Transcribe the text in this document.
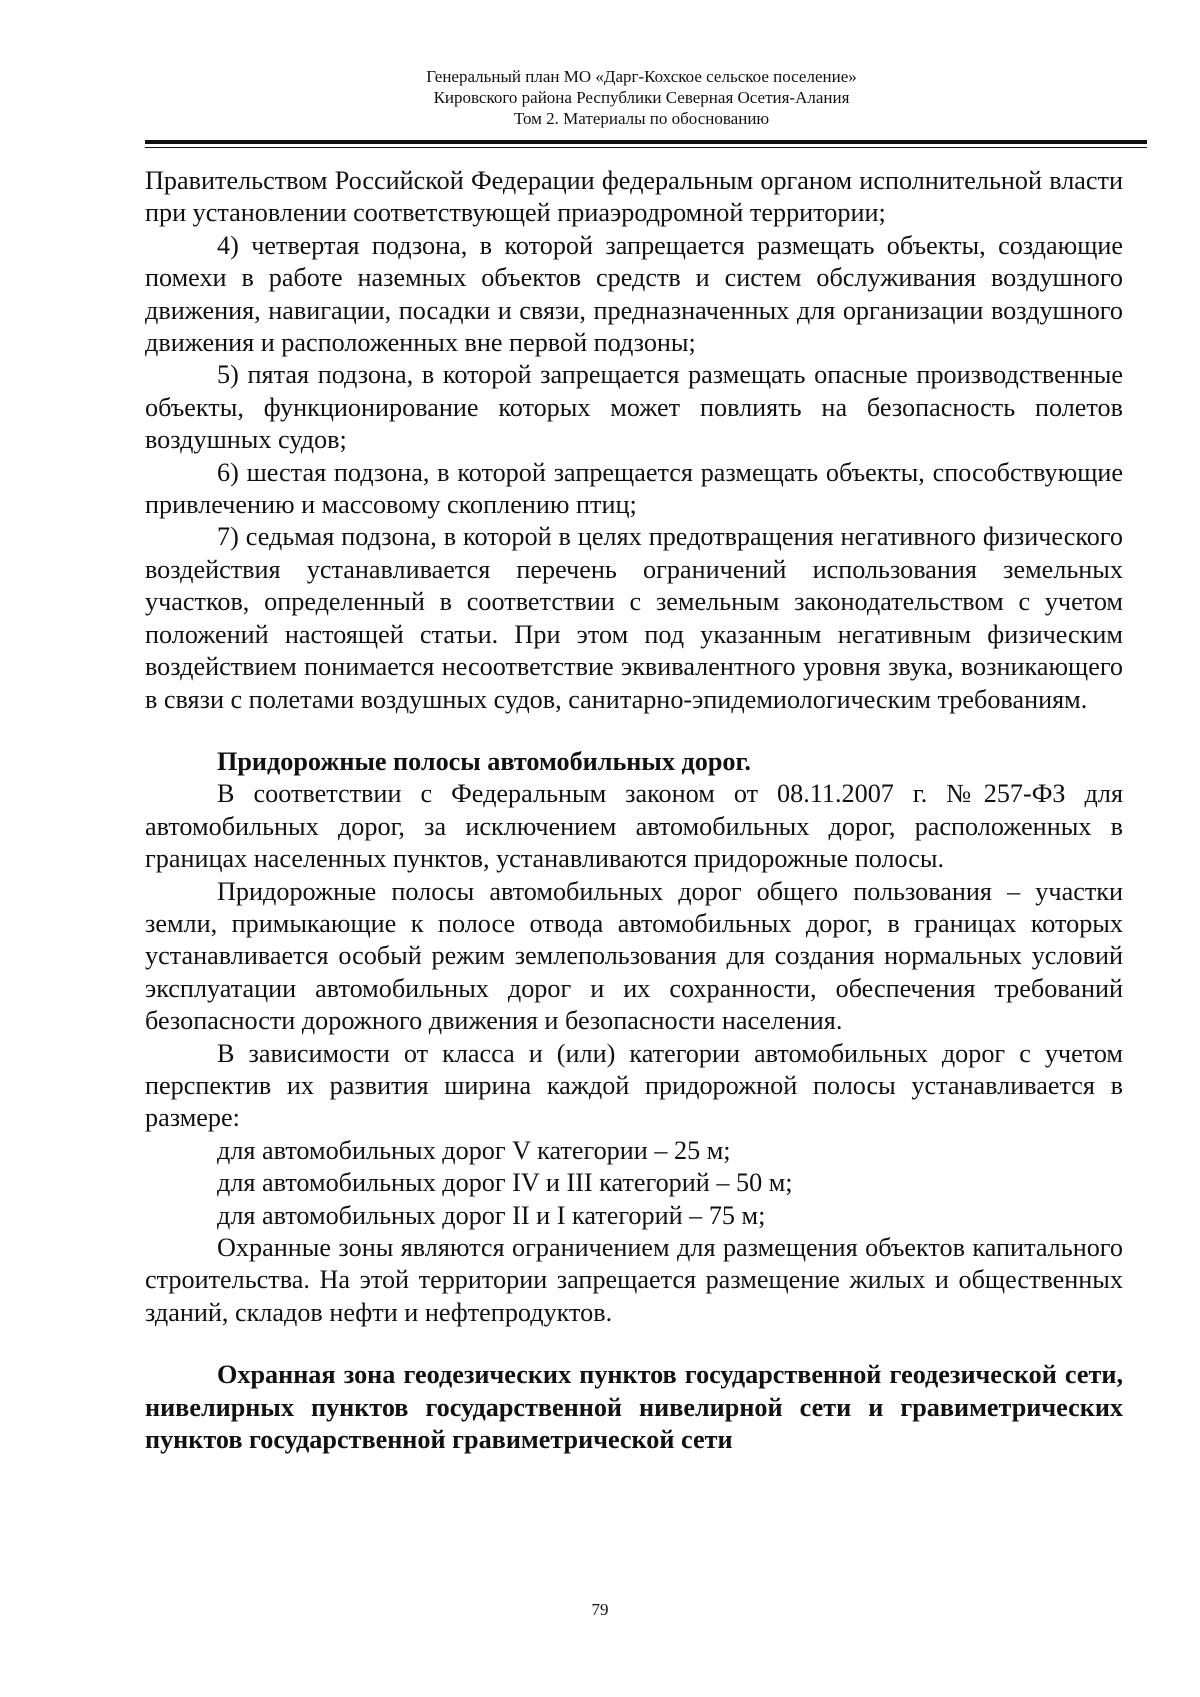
Генеральный план МО «Дарг-Кохское сельское поселение»
Кировского района Республики Северная Осетия-Алания
Том 2. Материалы по обоснованию

Правительством Российской Федерации федеральным органом исполнительной власти при установлении соответствующей приаэродромной территории;

4) четвертая подзона, в которой запрещается размещать объекты, создающие помехи в работе наземных объектов средств и систем обслуживания воздушного движения, навигации, посадки и связи, предназначенных для организации воздушного движения и расположенных вне первой подзоны;

5) пятая подзона, в которой запрещается размещать опасные производственные объекты, функционирование которых может повлиять на безопасность полетов воздушных судов;

6) шестая подзона, в которой запрещается размещать объекты, способствующие привлечению и массовому скоплению птиц;

7) седьмая подзона, в которой в целях предотвращения негативного физического воздействия устанавливается перечень ограничений использования земельных участков, определенный в соответствии с земельным законодательством с учетом положений настоящей статьи. При этом под указанным негативным физическим воздействием понимается несоответствие эквивалентного уровня звука, возникающего в связи с полетами воздушных судов, санитарно-эпидемиологическим требованиям.

Придорожные полосы автомобильных дорог.

В соответствии с Федеральным законом от 08.11.2007 г. №257-ФЗ для автомобильных дорог, за исключением автомобильных дорог, расположенных в границах населенных пунктов, устанавливаются придорожные полосы.

Придорожные полосы автомобильных дорог общего пользования – участки земли, примыкающие к полосе отвода автомобильных дорог, в границах которых устанавливается особый режим землепользования для создания нормальных условий эксплуатации автомобильных дорог и их сохранности, обеспечения требований безопасности дорожного движения и безопасности населения.

В зависимости от класса и (или) категории автомобильных дорог с учетом перспектив их развития ширина каждой придорожной полосы устанавливается в размере:

для автомобильных дорог V категории – 25 м;

для автомобильных дорог IV и III категорий – 50 м;

для автомобильных дорог II и I категорий – 75 м;

Охранные зоны являются ограничением для размещения объектов капитального строительства. На этой территории запрещается размещение жилых и общественных зданий, складов нефти и нефтепродуктов.

Охранная зона геодезических пунктов государственной геодезической сети, нивелирных пунктов государственной нивелирной сети и гравиметрических пунктов государственной гравиметрической сети

79
